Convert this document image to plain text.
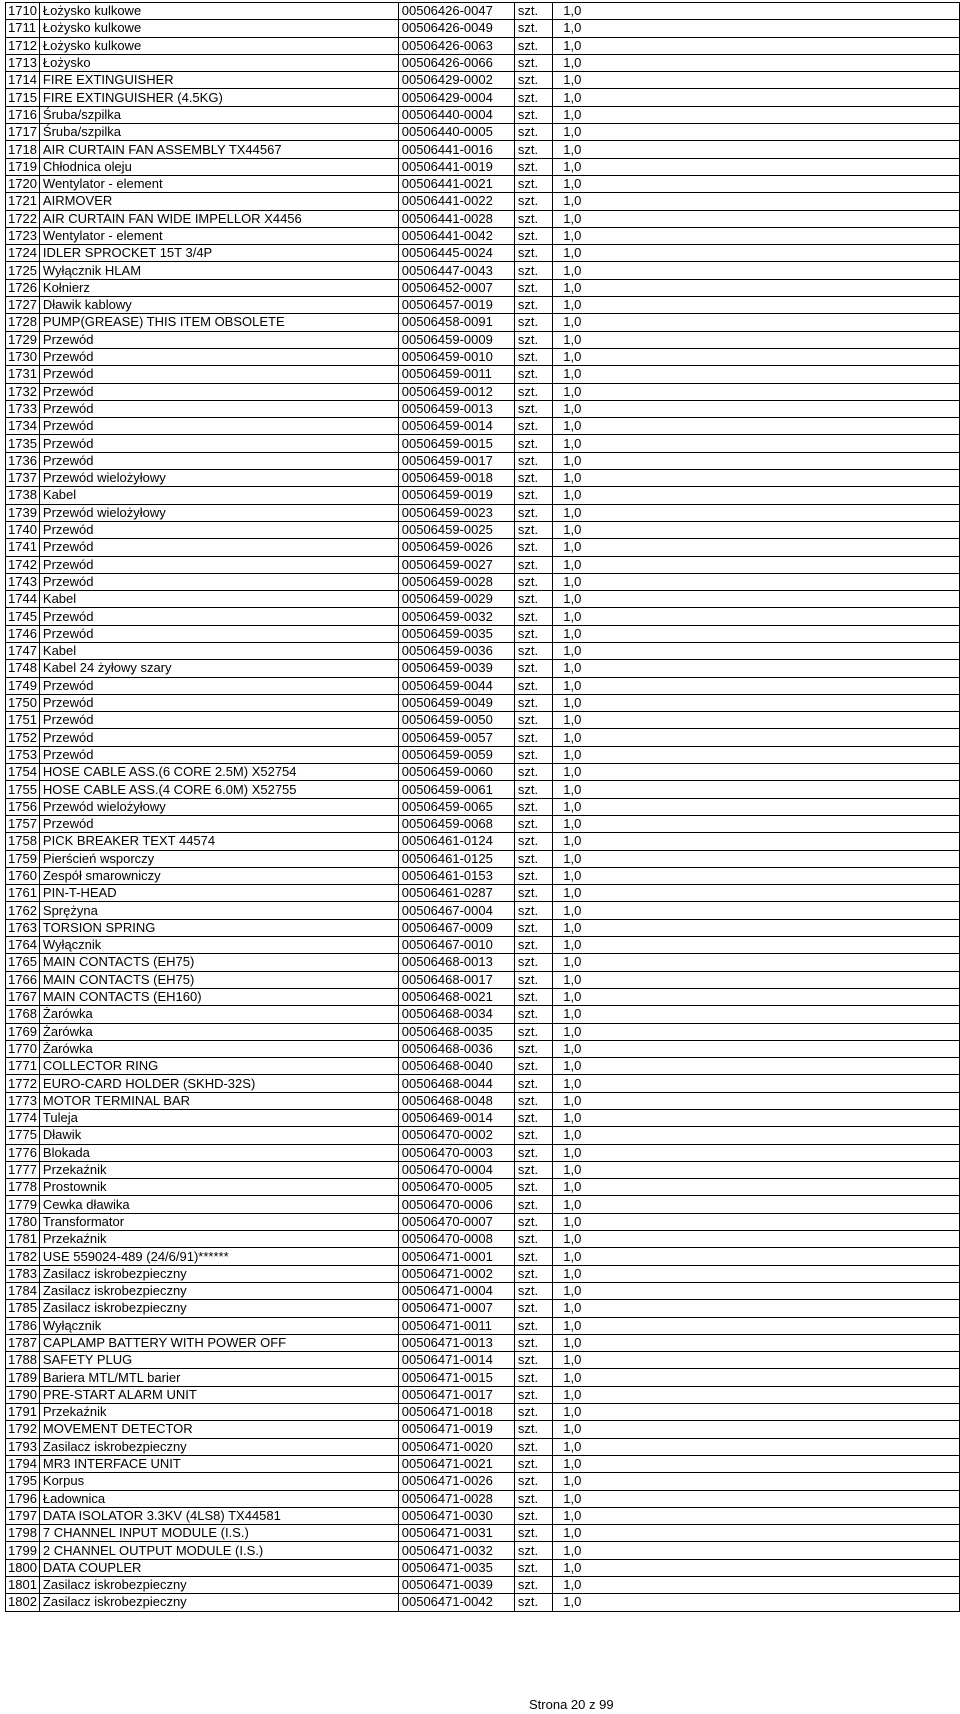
1710	Łożysko kulkowe	00506426-0047	szt.	1,0
1711	Łożysko kulkowe	00506426-0049	szt.	1,0
1712	Łożysko kulkowe	00506426-0063	szt.	1,0
1713	Łożysko	00506426-0066	szt.	1,0
1714	FIRE EXTINGUISHER	00506429-0002	szt.	1,0
1715	FIRE EXTINGUISHER (4.5KG)	00506429-0004	szt.	1,0
1716	Śruba/szpilka	00506440-0004	szt.	1,0
1717	Śruba/szpilka	00506440-0005	szt.	1,0
1718	AIR CURTAIN FAN ASSEMBLY TX44567	00506441-0016	szt.	1,0
1719	Chłodnica oleju	00506441-0019	szt.	1,0
1720	Wentylator - element	00506441-0021	szt.	1,0
1721	AIRMOVER	00506441-0022	szt.	1,0
1722	AIR CURTAIN FAN WIDE IMPELLOR X4456	00506441-0028	szt.	1,0
1723	Wentylator - element	00506441-0042	szt.	1,0
1724	IDLER SPROCKET 15T 3/4P	00506445-0024	szt.	1,0
1725	Wyłącznik HLAM	00506447-0043	szt.	1,0
1726	Kołnierz	00506452-0007	szt.	1,0
1727	Dławik kablowy	00506457-0019	szt.	1,0
1728	PUMP(GREASE) THIS ITEM OBSOLETE	00506458-0091	szt.	1,0
1729	Przewód	00506459-0009	szt.	1,0
1730	Przewód	00506459-0010	szt.	1,0
1731	Przewód	00506459-0011	szt.	1,0
1732	Przewód	00506459-0012	szt.	1,0
1733	Przewód	00506459-0013	szt.	1,0
1734	Przewód	00506459-0014	szt.	1,0
1735	Przewód	00506459-0015	szt.	1,0
1736	Przewód	00506459-0017	szt.	1,0
1737	Przewód wielożyłowy	00506459-0018	szt.	1,0
1738	Kabel	00506459-0019	szt.	1,0
1739	Przewód wielożyłowy	00506459-0023	szt.	1,0
1740	Przewód	00506459-0025	szt.	1,0
1741	Przewód	00506459-0026	szt.	1,0
1742	Przewód	00506459-0027	szt.	1,0
1743	Przewód	00506459-0028	szt.	1,0
1744	Kabel	00506459-0029	szt.	1,0
1745	Przewód	00506459-0032	szt.	1,0
1746	Przewód	00506459-0035	szt.	1,0
1747	Kabel	00506459-0036	szt.	1,0
1748	Kabel 24 żyłowy szary	00506459-0039	szt.	1,0
1749	Przewód	00506459-0044	szt.	1,0
1750	Przewód	00506459-0049	szt.	1,0
1751	Przewód	00506459-0050	szt.	1,0
1752	Przewód	00506459-0057	szt.	1,0
1753	Przewód	00506459-0059	szt.	1,0
1754	HOSE CABLE ASS.(6 CORE 2.5M) X52754	00506459-0060	szt.	1,0
1755	HOSE CABLE ASS.(4 CORE 6.0M) X52755	00506459-0061	szt.	1,0
1756	Przewód wielożyłowy	00506459-0065	szt.	1,0
1757	Przewód	00506459-0068	szt.	1,0
1758	PICK BREAKER TEXT 44574	00506461-0124	szt.	1,0
1759	Pierścień wsporczy	00506461-0125	szt.	1,0
1760	Zespół smarowniczy	00506461-0153	szt.	1,0
1761	PIN-T-HEAD	00506461-0287	szt.	1,0
1762	Sprężyna	00506467-0004	szt.	1,0
1763	TORSION SPRING	00506467-0009	szt.	1,0
1764	Wyłącznik	00506467-0010	szt.	1,0
1765	MAIN CONTACTS (EH75)	00506468-0013	szt.	1,0
1766	MAIN CONTACTS (EH75)	00506468-0017	szt.	1,0
1767	MAIN CONTACTS (EH160)	00506468-0021	szt.	1,0
1768	Żarówka	00506468-0034	szt.	1,0
1769	Żarówka	00506468-0035	szt.	1,0
1770	Żarówka	00506468-0036	szt.	1,0
1771	COLLECTOR RING	00506468-0040	szt.	1,0
1772	EURO-CARD HOLDER (SKHD-32S)	00506468-0044	szt.	1,0
1773	MOTOR TERMINAL BAR	00506468-0048	szt.	1,0
1774	Tuleja	00506469-0014	szt.	1,0
1775	Dławik	00506470-0002	szt.	1,0
1776	Blokada	00506470-0003	szt.	1,0
1777	Przekaźnik	00506470-0004	szt.	1,0
1778	Prostownik	00506470-0005	szt.	1,0
1779	Cewka dławika	00506470-0006	szt.	1,0
1780	Transformator	00506470-0007	szt.	1,0
1781	Przekaźnik	00506470-0008	szt.	1,0
1782	USE 559024-489 (24/6/91)******	00506471-0001	szt.	1,0
1783	Zasilacz iskrobezpieczny	00506471-0002	szt.	1,0
1784	Zasilacz iskrobezpieczny	00506471-0004	szt.	1,0
1785	Zasilacz iskrobezpieczny	00506471-0007	szt.	1,0
1786	Wyłącznik	00506471-0011	szt.	1,0
1787	CAPLAMP BATTERY WITH POWER OFF	00506471-0013	szt.	1,0
1788	SAFETY PLUG	00506471-0014	szt.	1,0
1789	Bariera MTL/MTL barier	00506471-0015	szt.	1,0
1790	PRE-START ALARM UNIT	00506471-0017	szt.	1,0
1791	Przekaźnik	00506471-0018	szt.	1,0
1792	MOVEMENT DETECTOR	00506471-0019	szt.	1,0
1793	Zasilacz iskrobezpieczny	00506471-0020	szt.	1,0
1794	MR3 INTERFACE UNIT	00506471-0021	szt.	1,0
1795	Korpus	00506471-0026	szt.	1,0
1796	Ładownica	00506471-0028	szt.	1,0
1797	DATA ISOLATOR 3.3KV (4LS8) TX44581	00506471-0030	szt.	1,0
1798	7 CHANNEL INPUT MODULE (I.S.)	00506471-0031	szt.	1,0
1799	2 CHANNEL OUTPUT MODULE (I.S.)	00506471-0032	szt.	1,0
1800	DATA COUPLER	00506471-0035	szt.	1,0
1801	Zasilacz iskrobezpieczny	00506471-0039	szt.	1,0
1802	Zasilacz iskrobezpieczny	00506471-0042	szt.	1,0
Strona 20 z 99
